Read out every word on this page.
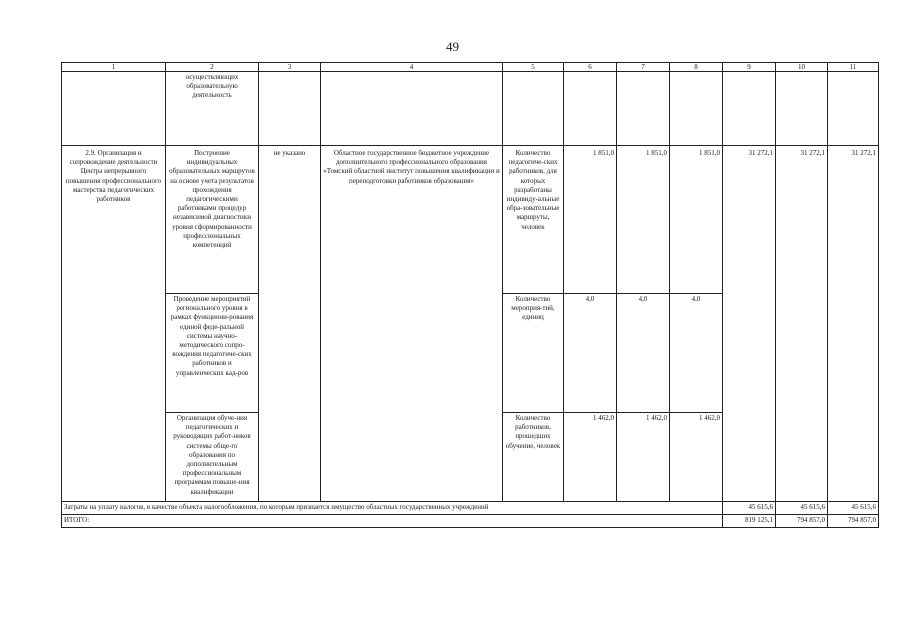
49
1	2	3	4	5	6	7	8	9	10	11
	осуществляющих образовательную деятельность									
2.9. Организация и сопровождение деятельности Центра непрерывного повышения профессионального мастерства педагогических работников	Построение индивидуальных образовательных маршрутов на основе учета результатов прохождения педагогическими работниками процедур независимой диагностики уровня сформированности профессиональных компетенций	не указано	Областное государственное бюджетное учреждение дополнительного профессионального образования «Томский областной институт повышения квалификации и переподготовки работников образования»	Количество педагогиче-ских работников, для которых разработаны индивиду-альные обра-зовательные маршруты, человек	1 851,0	1 851,0	1 851,0	31 272,1	31 272,1	31 272,1
	Проведение мероприятий регионального уровня в рамках функциони-рования единой феде-ральной системы научно-методического сопро-вождения педагогиче-ских работников и управленческих кад-ров			Количество мероприя-тий, единиц	4,0	4,0	4,0			
	Организация обуче-ния педагогических и руководящих работ-ников системы обще-го образования по дополнительным профессиональным программам повыше-ния квалификации			Количество работников, прошедших обучение, человек	1 462,0	1 462,0	1 462,0			
Затраты на уплату налогов, в качестве объекта налогообложения, по которым признается имущество областных государственных учреждений								45 615,6	45 615,6	45 615,6
ИТОГО:								819 125,1	794 857,0	794 857,0
